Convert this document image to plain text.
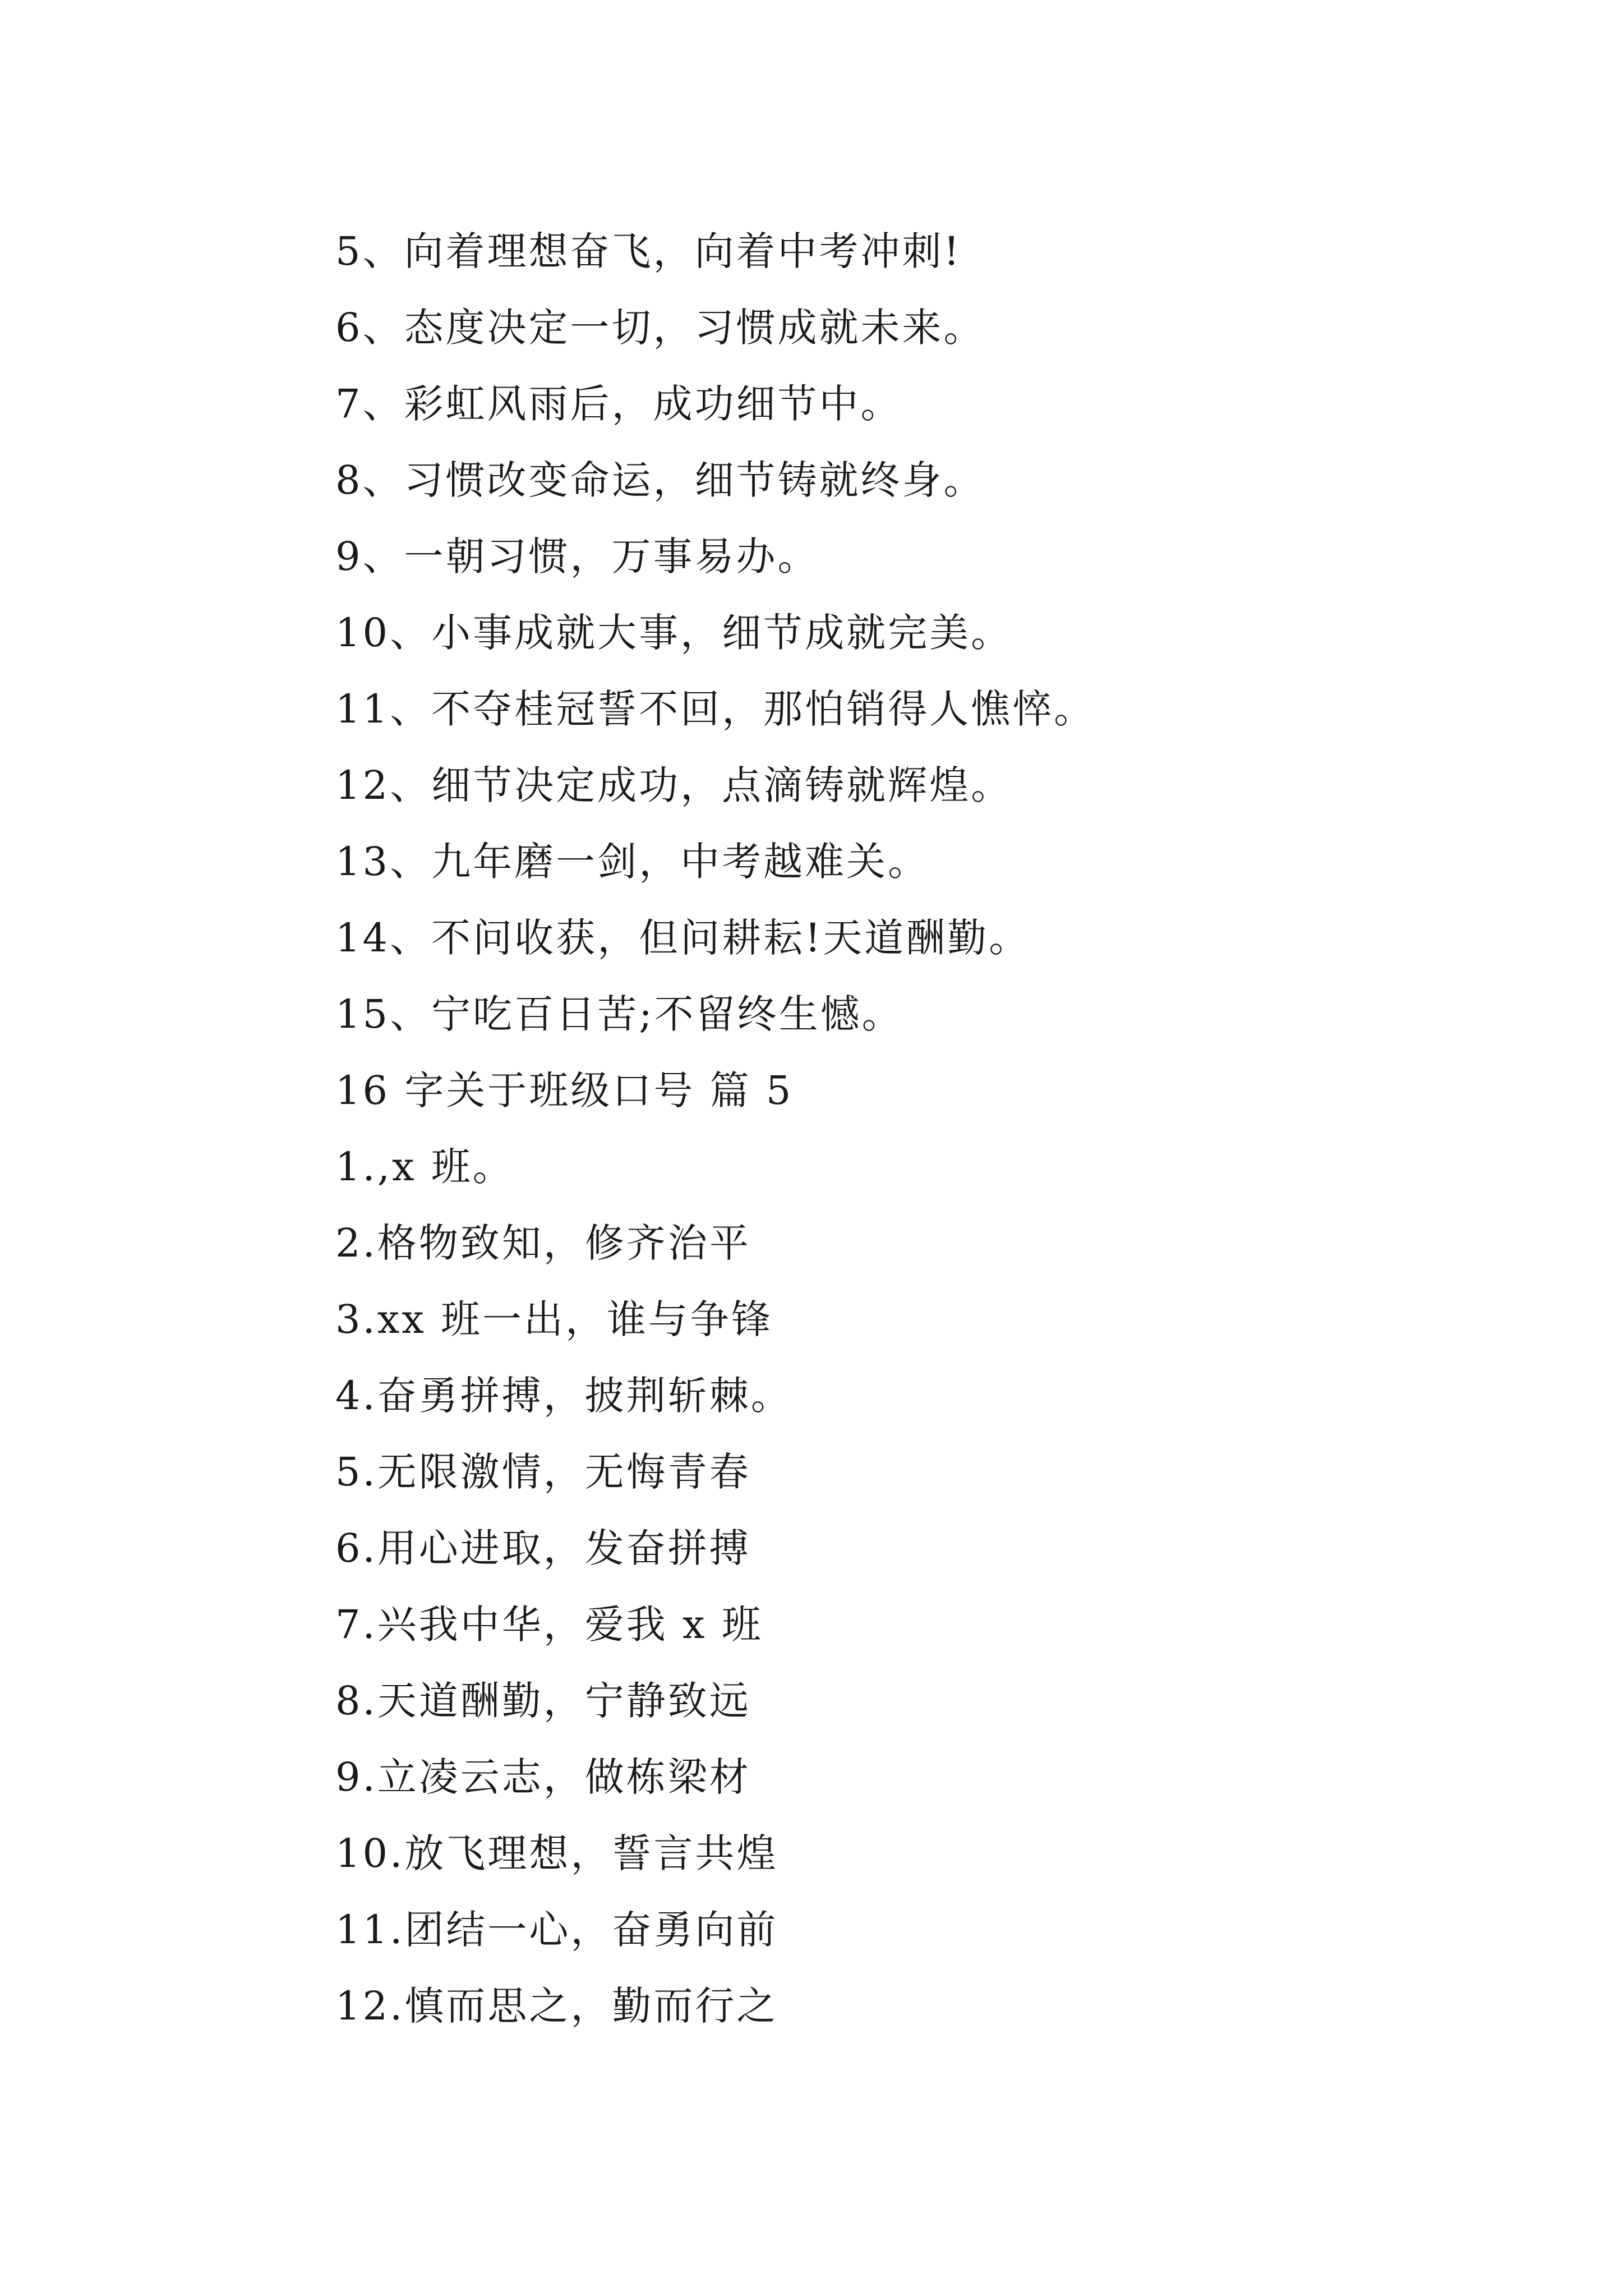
5、向着理想奋飞，向着中考冲刺!
6、态度决定一切，习惯成就未来。
7、彩虹风雨后，成功细节中。
8、习惯改变命运，细节铸就终身。
9、一朝习惯，万事易办。
10、小事成就大事，细节成就完美。
11、不夺桂冠誓不回，那怕销得人憔悴。
12、细节决定成功，点滴铸就辉煌。
13、九年磨一剑，中考越难关。
14、不问收获，但问耕耘!天道酬勤。
15、宁吃百日苦;不留终生憾。
16 字关于班级口号 篇 5
1.,x 班。
2.格物致知，修齐治平
3.xx 班一出，谁与争锋
4.奋勇拼搏，披荆斩棘。
5.无限激情，无悔青春
6.用心进取，发奋拼搏
7.兴我中华，爱我 x 班
8.天道酬勤，宁静致远
9.立凌云志，做栋梁材
10.放飞理想，誓言共煌
11.团结一心，奋勇向前
12.慎而思之，勤而行之
